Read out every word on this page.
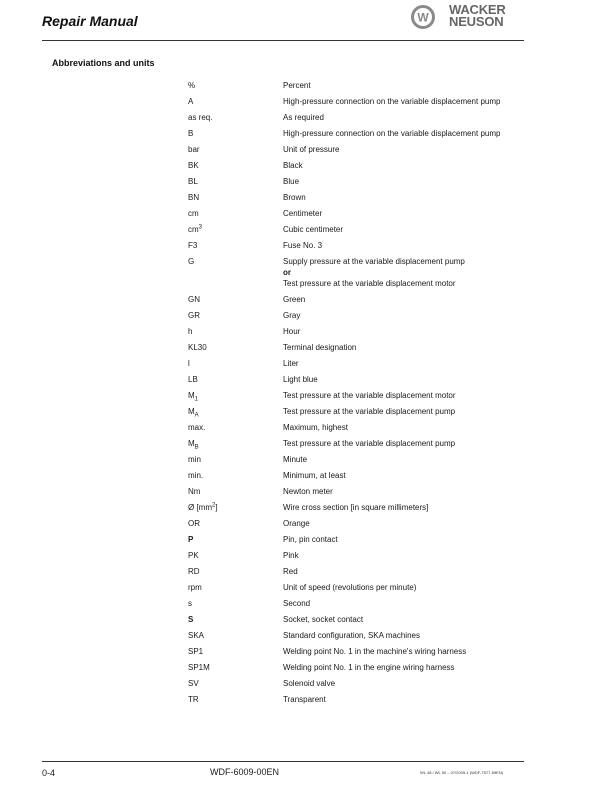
Repair Manual	W
WACKER
NEUSON
Abbreviations and units
%	Percent
A	High-pressure connection on the variable displacement pump
as req.	As required
B	High-pressure connection on the variable displacement pump
bar	Unit of pressure
BK	Black
BL	Blue
BN	Brown
cm	Centimeter
$cm^3$	Cubic centimeter
F3	Fuse No. 3
G	Supply pressure at the variable displacement pump
or
Test pressure at the variable displacement motor
GN	Green
GR	Gray
h	Hour
KL30	Terminal designation
l	Liter
LB	Light blue
$M_1$	Test pressure at the variable displacement motor
$M_A$	Test pressure at the variable displacement pump
max.	Maximum, highest
$M_B$	Test pressure at the variable displacement pump
min	Minute
min.	Minimum, at least
Nm	Newton meter
Ø $[mm^2]$	Wire cross section [in square millimeters]
OR	Orange
P	Pin, pin contact
PK	Pink
RD	Red
rpm	Unit of speed (revolutions per minute)
s	Second
S	Socket, socket contact
SKA	Standard configuration, SKA machines
SP1	Welding point No. 1 in the machine's wiring harness
SP1M	Welding point No. 1 in the engine wiring harness
SV	Solenoid valve
TR	Transparent
0-4	WDF-6009-00EN	WL 48 / WL 50 – 07/2009-1 (WDF-7577-59EN)
